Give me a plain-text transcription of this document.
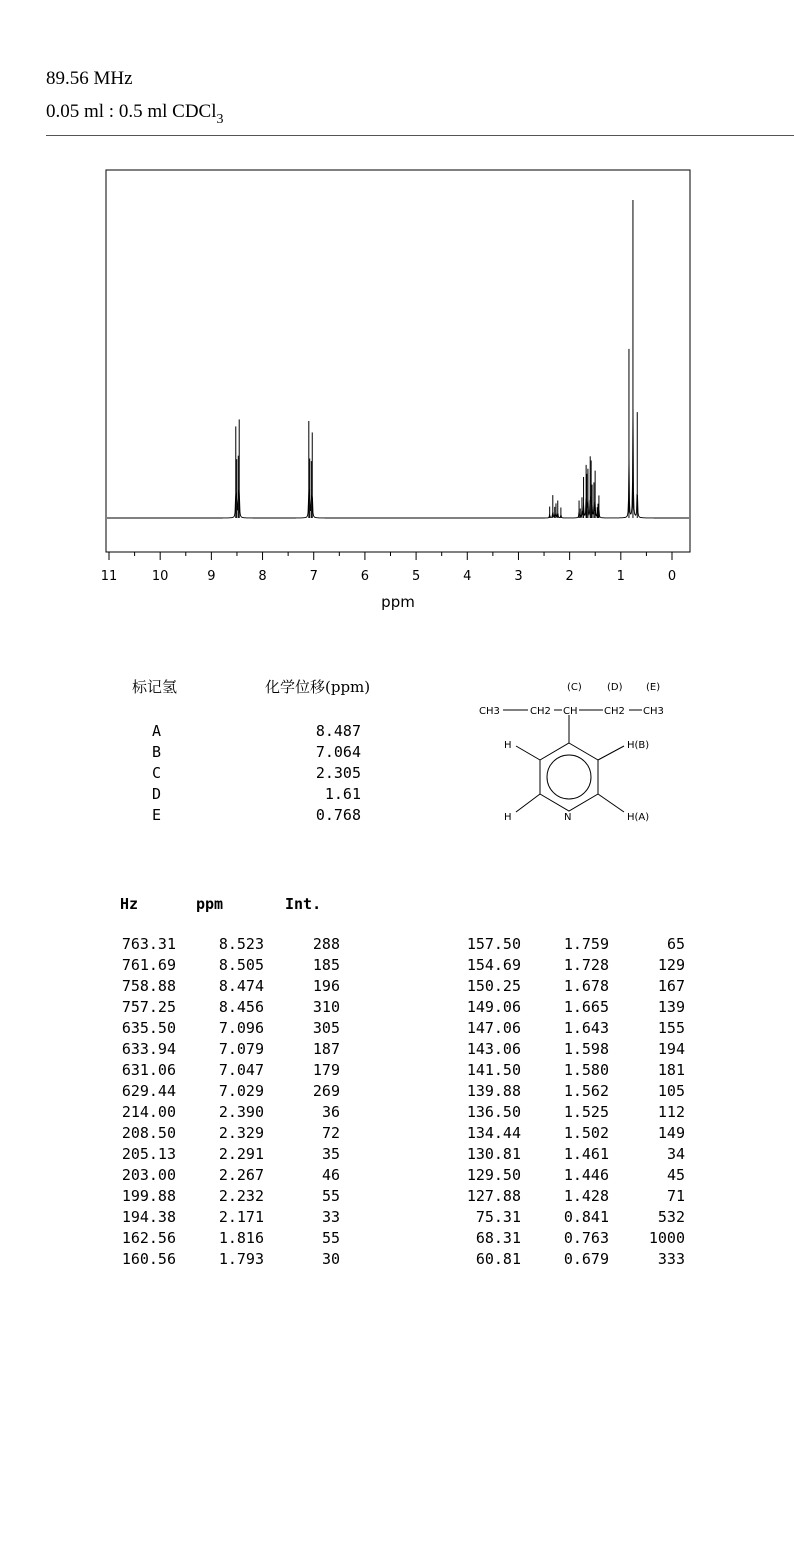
89.56 MHz
0.05 ml : 0.5 ml CDCl$_3$
11	10	9	8	7	6	5	4	3	2	1	0
ppm
标记氢	化学位移(ppm)
A	8.487
B	7.064
C	2.305
D	1.61
E	0.768
(C)	(D) (E)
CH3	CH2 CH	CH2 CH3
H	H(B)
H	N	H(A)
Hz	ppm	Int.
763.31	8.523	288
761.69	8.505	185
758.88	8.474	196
757.25	8.456	310
635.50	7.096	305
633.94	7.079	187
631.06	7.047	179
629.44	7.029	269
214.00	2.390	36
208.50	2.329	72
205.13	2.291	35
203.00	2.267	46
199.88	2.232	55
194.38	2.171	33
162.56	1.816	55
160.56	1.793	30
157.50	1.759	65
154.69	1.728	129
150.25	1.678	167
149.06	1.665	139
147.06	1.643	155
143.06	1.598	194
141.50	1.580	181
139.88	1.562	105
136.50	1.525	112
134.44	1.502	149
130.81	1.461	34
129.50	1.446	45
127.88	1.428	71
75.31	0.841	532
68.31	0.763	1000
60.81	0.679	333
